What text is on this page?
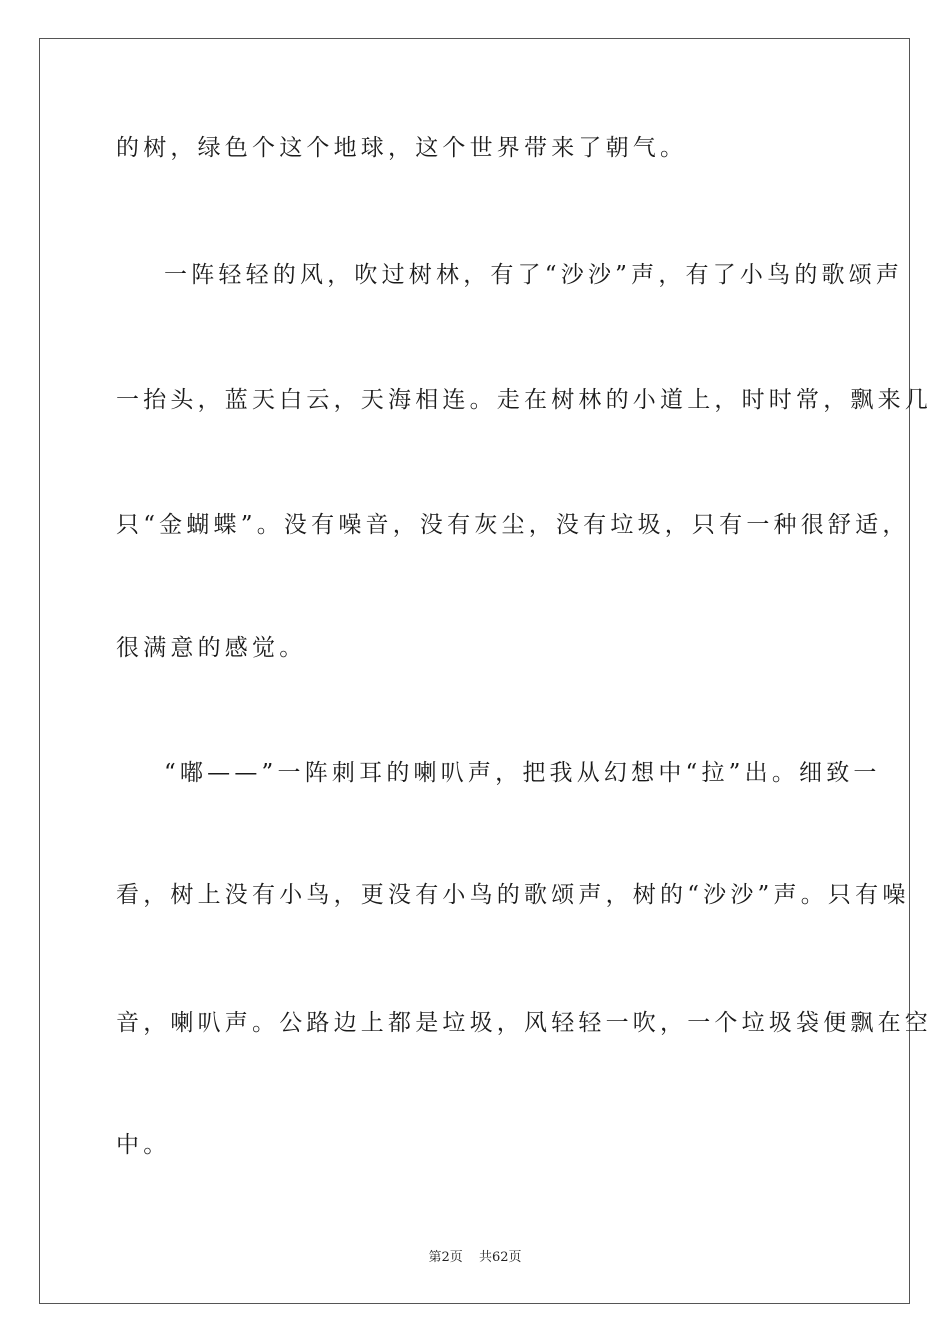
的树，绿色个这个地球，这个世界带来了朝气。
一阵轻轻的风，吹过树林，有了“沙沙”声，有了小鸟的歌颂声
一抬头，蓝天白云，天海相连。走在树林的小道上，时时常，飘来几
只“金蝴蝶”。没有噪音，没有灰尘，没有垃圾，只有一种很舒适，
很满意的感觉。
“嘟——”一阵刺耳的喇叭声，把我从幻想中“拉”出。细致一
看，树上没有小鸟，更没有小鸟的歌颂声，树的“沙沙”声。只有噪
音，喇叭声。公路边上都是垃圾，风轻轻一吹，一个垃圾袋便飘在空
中。
第2页 共62页
